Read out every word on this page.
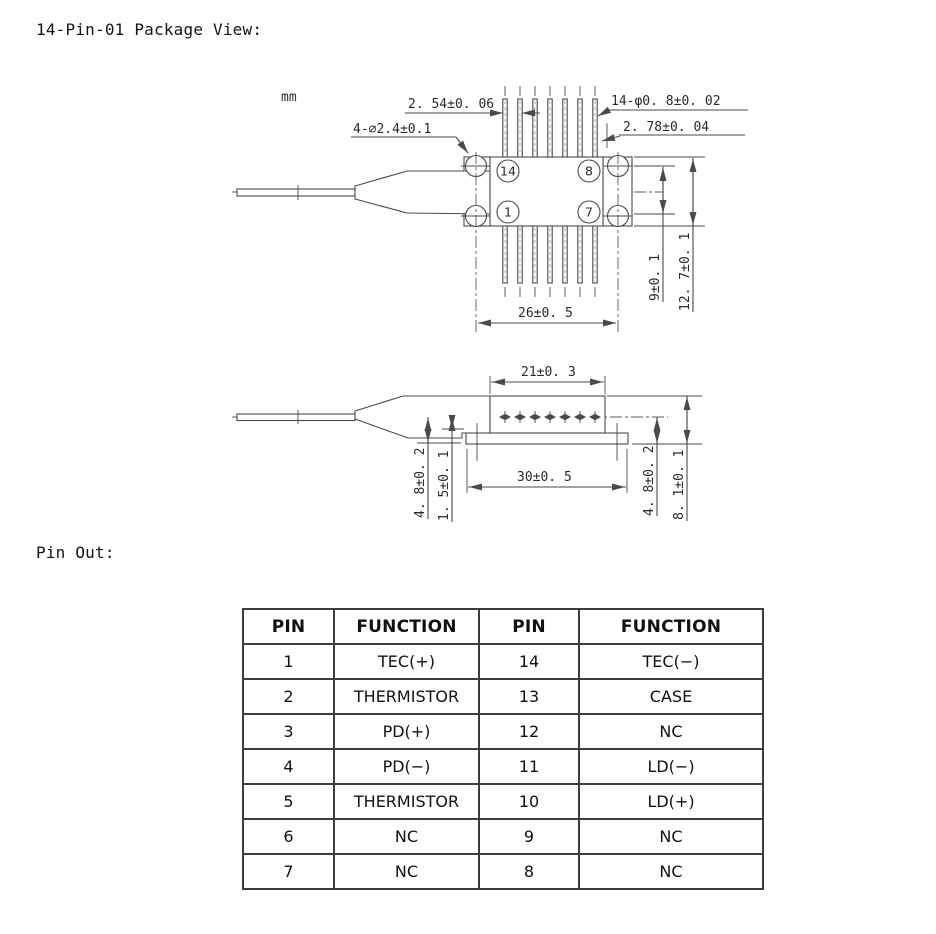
14	8
1	7
mm	2. 54±0. 06	14-φ0. 8±0. 02
2. 78±0. 04
4-∅2.4±0.1
9±0. 1 12. 7±0. 1
26±0. 5
21±0. 3
30±0. 5
4. 8±0. 2 1. 5±0. 1	4. 8±0. 2 8. 1±0. 1
14-Pin-01 Package View:
Pin Out:
PIN	FUNCTION	PIN	FUNCTION
1	TEC(+)	14	TEC(−)
2	THERMISTOR	13	CASE
3	PD(+)	12	NC
4	PD(−)	11	LD(−)
5	THERMISTOR	10	LD(+)
6	NC	9	NC
7	NC	8	NC
